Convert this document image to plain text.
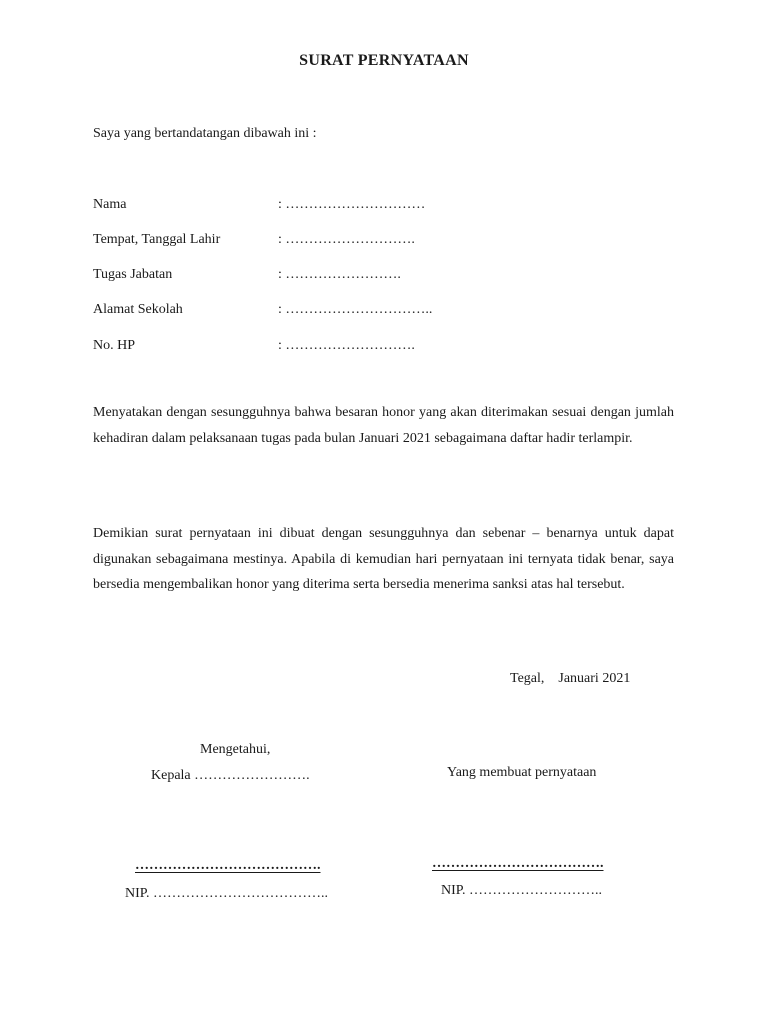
SURAT PERNYATAAN
Saya yang bertandatangan dibawah ini :
Nama	: …………………………
Tempat, Tanggal Lahir	: ……………………….
Tugas Jabatan	: …………………….
Alamat Sekolah	: …………………………..
No. HP	: ……………………….

Menyatakan dengan sesungguhnya bahwa besaran honor yang akan diterimakan sesuai dengan jumlah kehadiran dalam pelaksanaan tugas pada bulan Januari 2021 sebagaimana daftar hadir terlampir.

Demikian surat pernyataan ini dibuat dengan sesungguhnya dan sebenar – benarnya untuk dapat digunakan sebagaimana mestinya. Apabila di kemudian hari pernyataan ini ternyata tidak benar, saya bersedia mengembalikan honor yang diterima serta bersedia menerima sanksi atas hal tersebut.

Tegal,    Januari 2021
Mengetahui,
Kepala …………………….	Yang membuat pernyataan
………………………………….	……………………………….
NIP. ………………………………..	NIP. ………………………..
